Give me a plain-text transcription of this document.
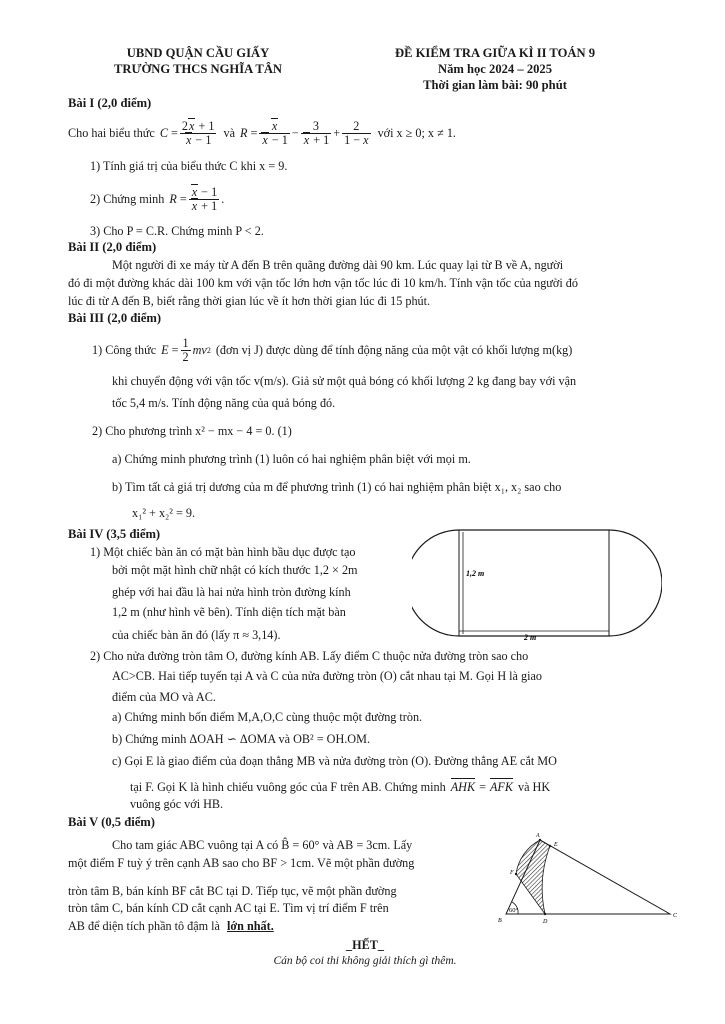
UBND QUẬN CẦU GIẤY
TRƯỜNG THCS NGHĨA TÂN
ĐỀ KIỂM TRA GIỮA KÌ II TOÁN 9
Năm học 2024 – 2025
Thời gian làm bài: 90 phút
Bài I (2,0 điểm)
Cho hai biểu thức $C = \frac{2x + 1}{x - 1}$ và $R = \frac{x}{x - 1} - \frac{3}{x + 1} + \frac{2}{1 - x}$ với x ≥ 0; x ≠ 1.
1) Tính giá trị của biểu thức C khi x = 9.
2) Chứng minh $R = \frac{x - 1}{x + 1}$ .
3) Cho P = C.R. Chứng minh P < 2.
Bài II (2,0 điểm)
Một người đi xe máy từ A đến B trên quãng đường dài 90 km. Lúc quay lại từ B về A, người
đó đi một đường khác dài 100 km với vận tốc lớn hơn vận tốc lúc đi 10 km/h. Tính vận tốc của người đó
lúc đi từ A đến B, biết rằng thời gian lúc về ít hơn thời gian lúc đi 15 phút.
Bài III (2,0 điểm)
1) Công thức $E = \frac{1}{2}$ mv 2 (đơn vị J) được dùng để tính động năng của một vật có khối lượng m(kg)
khi chuyển động với vận tốc v(m/s). Giả sử một quả bóng có khối lượng 2 kg đang bay với vận
tốc 5,4 m/s. Tính động năng của quả bóng đó.
2) Cho phương trình x² − mx − 4 = 0. (1)
a) Chứng minh phương trình (1) luôn có hai nghiệm phân biệt với mọi m.
b) Tìm tất cả giá trị dương của m để phương trình (1) có hai nghiệm phân biệt x₁, x₂ sao cho
x₁² + x₂² = 9.
Bài IV (3,5 điểm)
1) Một chiếc bàn ăn có mặt bàn hình bầu dục được tạo
bởi một mặt hình chữ nhật có kích thước 1,2 × 2m
ghép với hai đầu là hai nửa hình tròn đường kính
1,2 m (như hình vẽ bên). Tính diện tích mặt bàn
của chiếc bàn ăn đó (lấy π ≈ 3,14).
1,2 m
2 m
2) Cho nửa đường tròn tâm O, đường kính AB. Lấy điểm C thuộc nửa đường tròn sao cho
AC>CB. Hai tiếp tuyến tại A và C của nửa đường tròn (O) cắt nhau tại M. Gọi H là giao
điểm của MO và AC.
a) Chứng minh bốn điểm M,A,O,C cùng thuộc một đường tròn.
b) Chứng minh ΔOAH ∽ ΔOMA và OB² = OH.OM.
c) Gọi E là giao điểm của đoạn thẳng MB và nửa đường tròn (O). Đường thẳng AE cắt MO
tại F. Gọi K là hình chiếu vuông góc của F trên AB. Chứng minh AHK = AFK và HK
vuông góc với HB.
Bài V (0,5 điểm)
Cho tam giác ABC vuông tại A có B̂ = 60° và AB = 3cm. Lấy
một điểm F tuỳ ý trên cạnh AB sao cho BF > 1cm. Vẽ một phần đường
tròn tâm B, bán kính BF cắt BC tại D. Tiếp tục, vẽ một phần đường
tròn tâm C, bán kính CD cắt cạnh AC tại E. Tìm vị trí điểm F trên
AB để diện tích phần tô đậm là lớn nhất.
A
E
F
B	D
C
60°
_HẾT_
Cán bộ coi thi không giải thích gì thêm.
